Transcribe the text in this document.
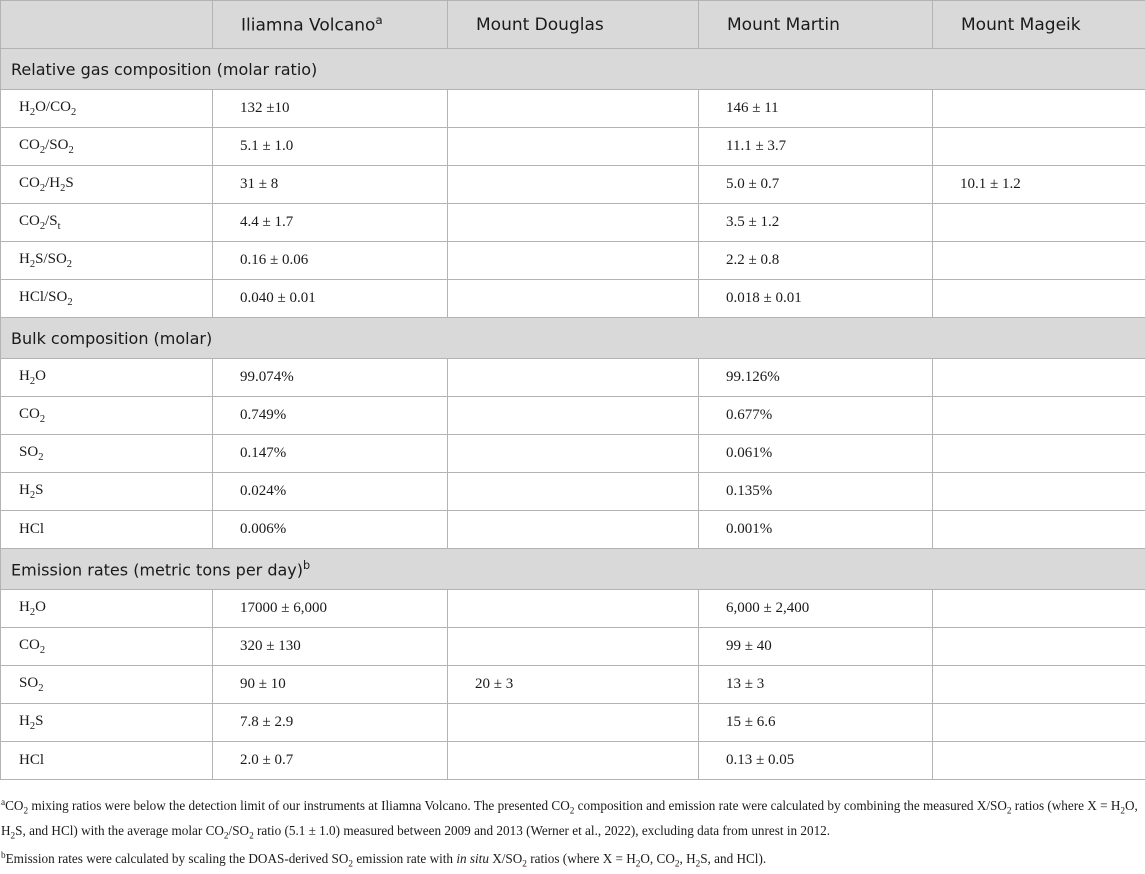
	Iliamna Volcano$^a$	Mount Douglas	Mount Martin	Mount Mageik
Relative gas composition (molar ratio)				
$H_2O/CO_2$	132 ±10		146 ± 11	
$CO_2/SO_2$	5.1 ± 1.0		11.1 ± 3.7	
$CO_2/H_2S$	31 ± 8		5.0 ± 0.7	10.1 ± 1.2
$CO_2/S_t$	4.4 ± 1.7		3.5 ± 1.2	
$H_2S/SO_2$	0.16 ± 0.06		2.2 ± 0.8	
HCl/$SO_2$	0.040 ± 0.01		0.018 ± 0.01	
Bulk composition (molar)				
$H_2O$	99.074%		99.126%	
$CO_2$	0.749%		0.677%	
$SO_2$	0.147%		0.061%	
$H_2S$	0.024%		0.135%	
HCl	0.006%		0.001%	
Emission rates (metric tons per day)$^b$
$H_2O$	17000 ± 6,000		6,000 ± 2,400	
$CO_2$	320 ± 130		99 ± 40	
$SO_2$	90 ± 10	20 ± 3	13 ± 3	
$H_2S$	7.8 ± 2.9		15 ± 6.6	
HCl	2.0 ± 0.7		0.13 ± 0.05	

$^aCO_2$ mixing ratios were below the detection limit of our instruments at Iliamna Volcano. The presented $CO_2$ composition and emission rate were calculated by combining the measured $X/SO_2$ ratios (where $X = H_2O$, $H_2S$, and HCl) with the average molar $CO_2/SO_2$ ratio (5.1 ± 1.0) measured between 2009 and 2013 (Werner et al., 2022), excluding data from unrest in 2012.

$^b$Emission rates were calculated by scaling the DOAS-derived $SO_2$ emission rate with in situ $X/SO_2$ ratios (where $X = H_2O$, $CO_2$, $H_2S$, and HCl).
